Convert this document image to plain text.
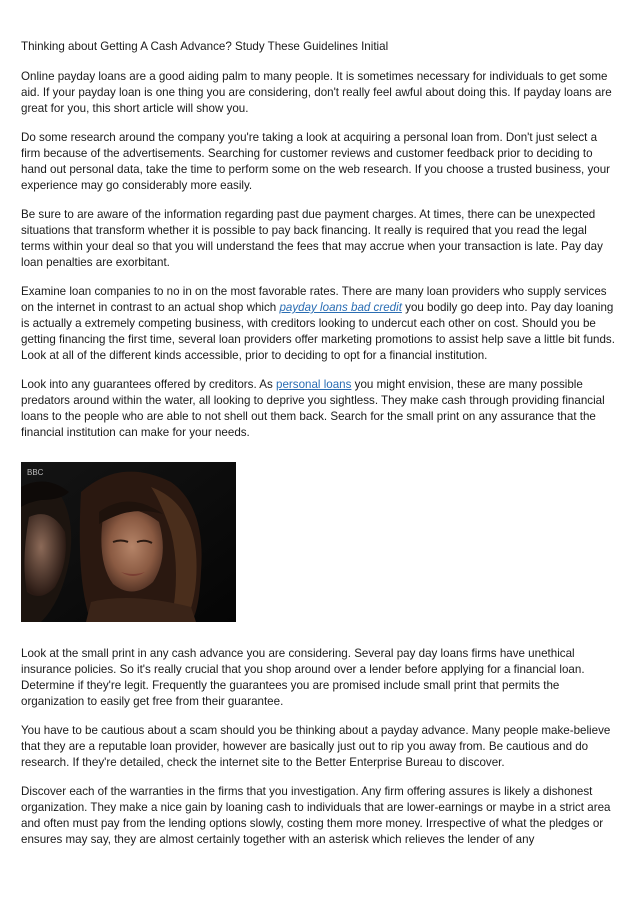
Thinking about Getting A Cash Advance? Study These Guidelines Initial

Online payday loans are a good aiding palm to many people. It is sometimes necessary for individuals to get some aid. If your payday loan is one thing you are considering, don't really feel awful about doing this. If payday loans are great for you, this short article will show you.

Do some research around the company you're taking a look at acquiring a personal loan from. Don't just select a firm because of the advertisements. Searching for customer reviews and customer feedback prior to deciding to hand out personal data, take the time to perform some on the web research. If you choose a trusted business, your experience may go considerably more easily.

Be sure to are aware of the information regarding past due payment charges. At times, there can be unexpected situations that transform whether it is possible to pay back financing. It really is required that you read the legal terms within your deal so that you will understand the fees that may accrue when your transaction is late. Pay day loan penalties are exorbitant.

Examine loan companies to no in on the most favorable rates. There are many loan providers who supply services on the internet in contrast to an actual shop which payday loans bad credit you bodily go deep into. Pay day loaning is actually a extremely competing business, with creditors looking to undercut each other on cost. Should you be getting financing the first time, several loan providers offer marketing promotions to assist help save a little bit funds. Look at all of the different kinds accessible, prior to deciding to opt for a financial institution.

Look into any guarantees offered by creditors. As personal loans you might envision, these are many possible predators around within the water, all looking to deprive you sightless. They make cash through providing financial loans to the people who are able to not shell out them back. Search for the small print on any assurance that the financial institution can make for your needs.

BBC

Look at the small print in any cash advance you are considering. Several pay day loans firms have unethical insurance policies. So it's really crucial that you shop around over a lender before applying for a financial loan. Determine if they're legit. Frequently the guarantees you are promised include small print that permits the organization to easily get free from their guarantee.

You have to be cautious about a scam should you be thinking about a payday advance. Many people make-believe that they are a reputable loan provider, however are basically just out to rip you away from. Be cautious and do research. If they're detailed, check the internet site to the Better Enterprise Bureau to discover.

Discover each of the warranties in the firms that you investigation. Any firm offering assures is likely a dishonest organization. They make a nice gain by loaning cash to individuals that are lower-earnings or maybe in a strict area and often must pay from the lending options slowly, costing them more money. Irrespective of what the pledges or ensures may say, they are almost certainly together with an asterisk which relieves the lender of any
